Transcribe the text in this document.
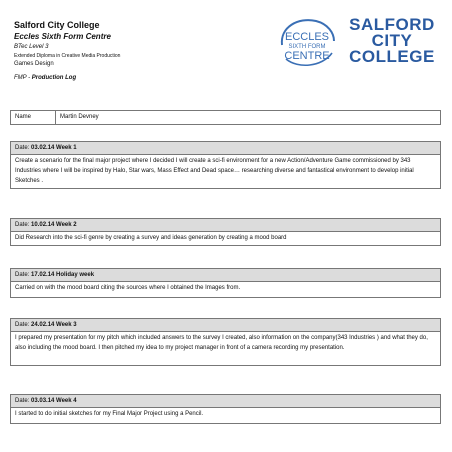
Salford City College
Eccles Sixth Form Centre
BTec Level 3
Extended Diploma in Creative Media Production
Games Design
FMP - Production Log
ECCLES
SIXTH FORM
CENTRE
SALFORD
CITY
COLLEGE
Name	Martin Devney
Date: 03.02.14 Week 1
Create a scenario for the final major project where I decided I will create a sci-fi environment for a new Action/Adventure Game commissioned by 343 Industries where I will be inspired by Halo, Star wars, Mass Effect and Dead space… researching diverse and fantastical environment to develop initial Sketches .
Date: 10.02.14 Week 2
Did Research into the sci-fi genre by creating a survey and ideas generation by creating a mood board
Date: 17.02.14 Holiday week
Carried on with the mood board citing the sources where I obtained the Images from.
Date: 24.02.14 Week 3
I prepared my presentation for my pitch which included answers to the survey I created, also information on the company(343 Industries ) and what they do, also including the mood board. I then pitched my idea to my project manager in front of a camera recording my presentation.
Date: 03.03.14 Week 4
I started to do initial sketches for my Final Major Project using a Pencil.
